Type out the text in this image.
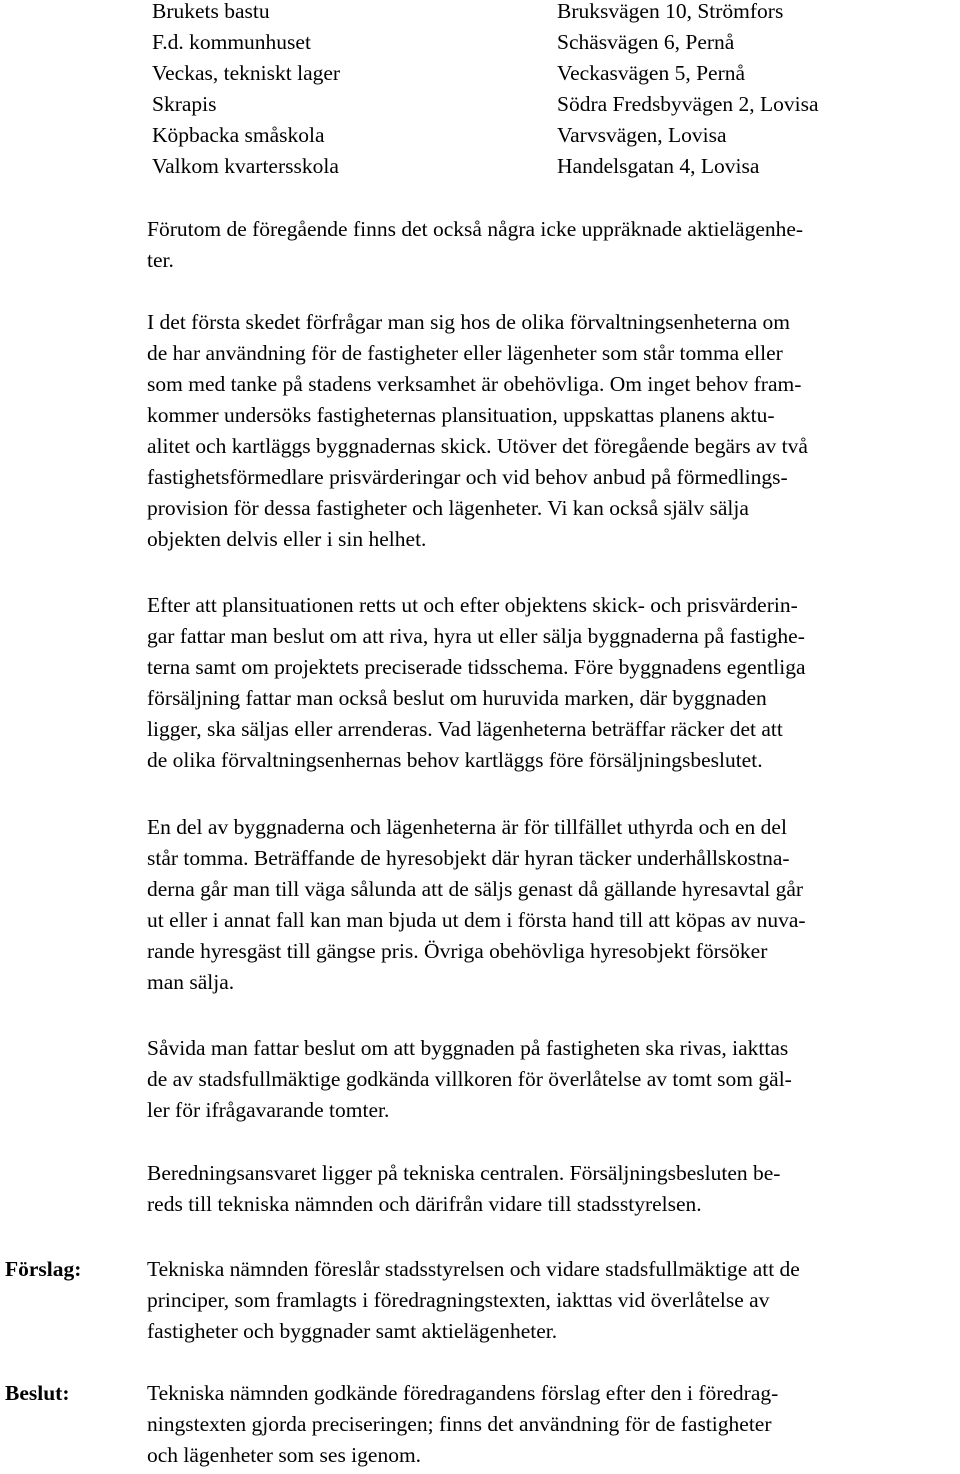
Brukets bastu	Bruksvägen 10, Strömfors
F.d. kommunhuset	Schäsvägen 6, Pernå
Veckas, tekniskt lager	Veckasvägen 5, Pernå
Skrapis	Södra Fredsbyvägen 2, Lovisa
Köpbacka småskola	Varvsvägen, Lovisa
Valkom kvartersskola	Handelsgatan 4, Lovisa
Förutom de föregående finns det också några icke uppräknade aktielägenhe-
ter.
I det första skedet förfrågar man sig hos de olika förvaltningsenheterna om
de har användning för de fastigheter eller lägenheter som står tomma eller
som med tanke på stadens verksamhet är obehövliga. Om inget behov fram-
kommer undersöks fastigheternas plansituation, uppskattas planens aktu-
alitet och kartläggs byggnadernas skick. Utöver det föregående begärs av två
fastighetsförmedlare prisvärderingar och vid behov anbud på förmedlings-
provision för dessa fastigheter och lägenheter. Vi kan också själv sälja
objekten delvis eller i sin helhet.
Efter att plansituationen retts ut och efter objektens skick- och prisvärderin-
gar fattar man beslut om att riva, hyra ut eller sälja byggnaderna på fastighe-
terna samt om projektets preciserade tidsschema. Före byggnadens egentliga
försäljning fattar man också beslut om huruvida marken, där byggnaden
ligger, ska säljas eller arrenderas. Vad lägenheterna beträffar räcker det att
de olika förvaltningsenhernas behov kartläggs före försäljningsbeslutet.
En del av byggnaderna och lägenheterna är för tillfället uthyrda och en del
står tomma. Beträffande de hyresobjekt där hyran täcker underhållskostna-
derna går man till väga sålunda att de säljs genast då gällande hyresavtal går
ut eller i annat fall kan man bjuda ut dem i första hand till att köpas av nuva-
rande hyresgäst till gängse pris. Övriga obehövliga hyresobjekt försöker
man sälja.
Såvida man fattar beslut om att byggnaden på fastigheten ska rivas, iakttas
de av stadsfullmäktige godkända villkoren för överlåtelse av tomt som gäl-
ler för ifrågavarande tomter.
Beredningsansvaret ligger på tekniska centralen. Försäljningsbesluten be-
reds till tekniska nämnden och därifrån vidare till stadsstyrelsen.
Förslag:	Tekniska nämnden föreslår stadsstyrelsen och vidare stadsfullmäktige att de
principer, som framlagts i föredragningstexten, iakttas vid överlåtelse av
fastigheter och byggnader samt aktielägenheter.
Beslut:	Tekniska nämnden godkände föredragandens förslag efter den i föredrag-
ningstexten gjorda preciseringen; finns det användning för de fastigheter
och lägenheter som ses igenom.
